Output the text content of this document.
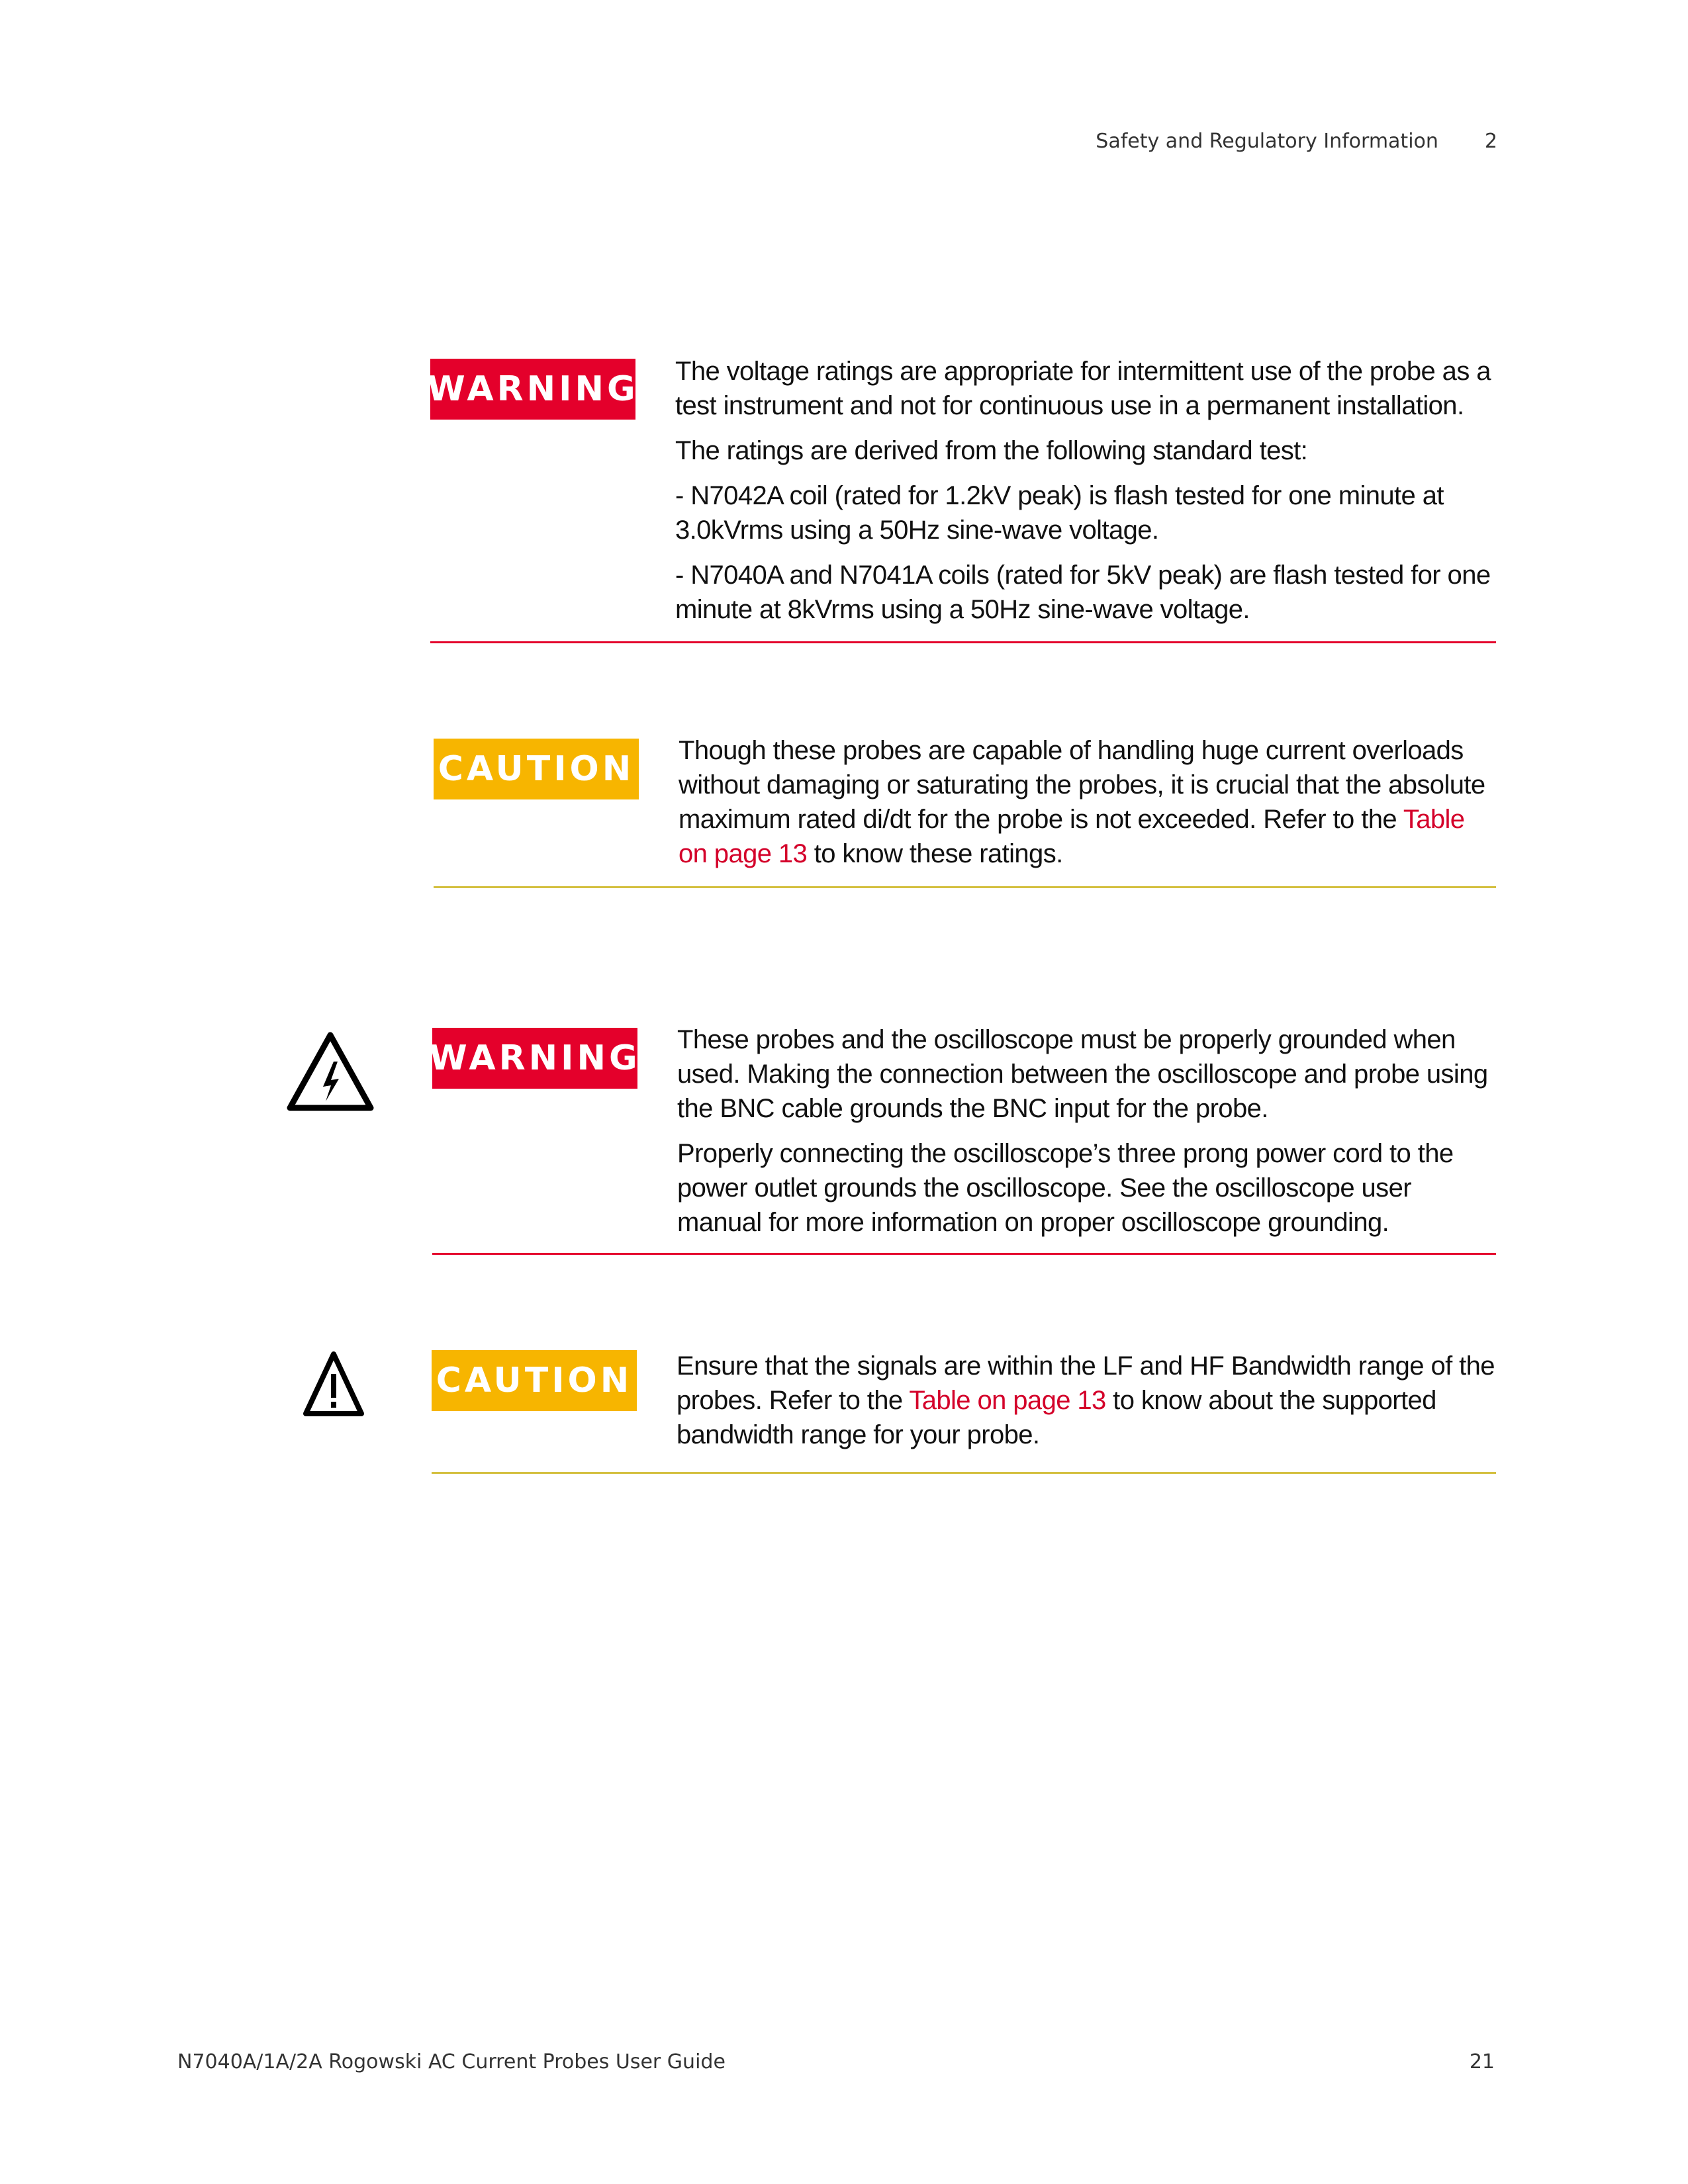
Safety and Regulatory Information 2
WARNING The voltage ratings are appropriate for intermittent use of the probe as a test instrument and not for continuous use in a permanent installation.

The ratings are derived from the following standard test:

- N7042A coil (rated for 1.2kV peak) is flash tested for one minute at 3.0kVrms using a 50Hz sine-wave voltage.

- N7040A and N7041A coils (rated for 5kV peak) are flash tested for one minute at 8kVrms using a 50Hz sine-wave voltage.

CAUTION Though these probes are capable of handling huge current overloads without damaging or saturating the probes, it is crucial that the absolute maximum rated di/dt for the probe is not exceeded. Refer to the Table on page 13 to know these ratings.

WARNING These probes and the oscilloscope must be properly grounded when used. Making the connection between the oscilloscope and probe using the BNC cable grounds the BNC input for the probe.

Properly connecting the oscilloscope’s three prong power cord to the power outlet grounds the oscilloscope. See the oscilloscope user manual for more information on proper oscilloscope grounding.

CAUTION Ensure that the signals are within the LF and HF Bandwidth range of the probes. Refer to the Table on page 13 to know about the supported bandwidth range for your probe.

N7040A/1A/2A Rogowski AC Current Probes User Guide	21
